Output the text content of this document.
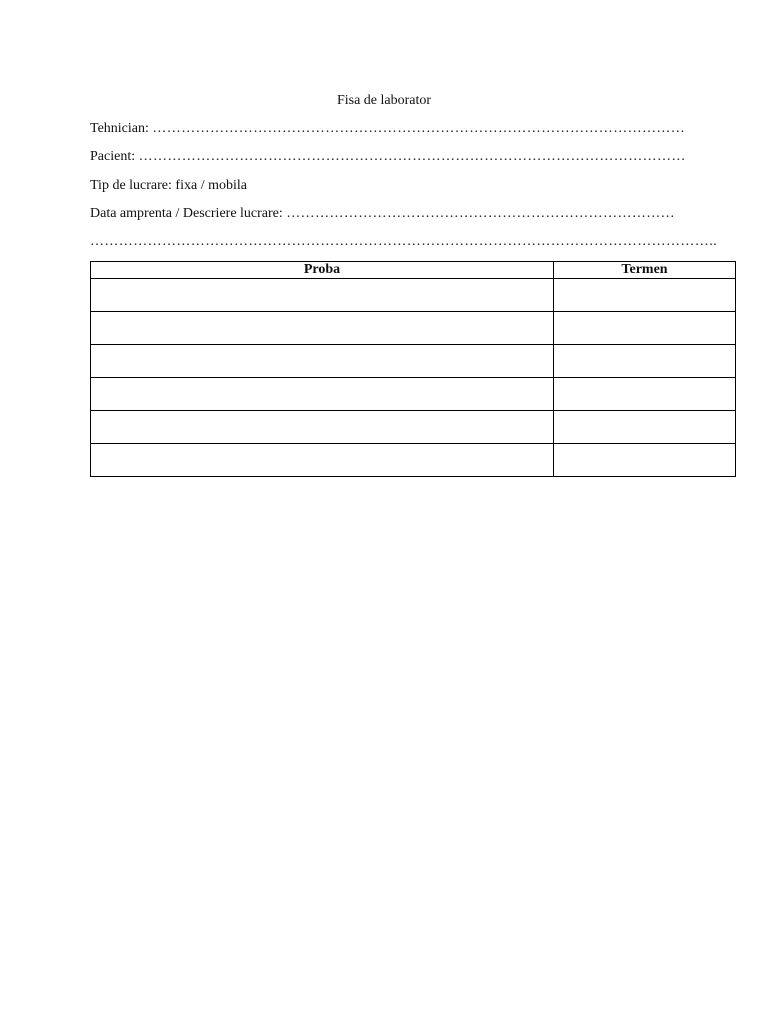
Fisa de laborator
Tehnician: …………………………………………………………………………………………………
Pacient: ……………………………………………………………………………………………………
Tip de lucrare: fixa / mobila
Data amprenta / Descriere lucrare: ………………………………………………………………………
…………………………………………………………………………………………………………………..
Proba	Termen
